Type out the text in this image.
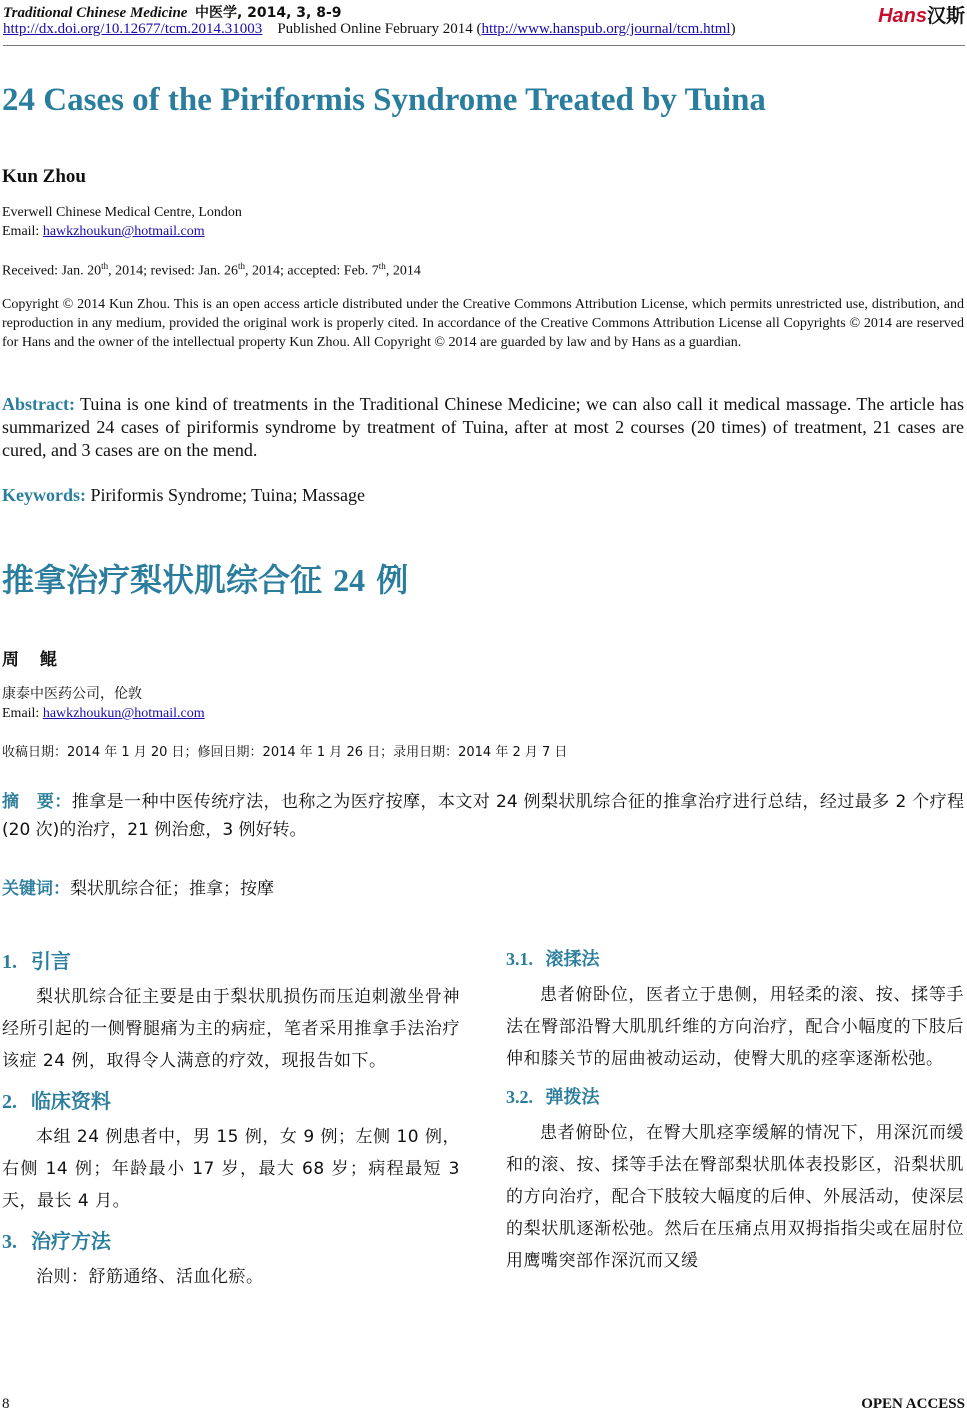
Traditional Chinese Medicine 中医学, 2014, 3, 8-9
http://dx.doi.org/10.12677/tcm.2014.31003 Published Online February 2014 (http://www.hanspub.org/journal/tcm.html)
Hans汉斯
24 Cases of the Piriformis Syndrome Treated by Tuina
Kun Zhou
Everwell Chinese Medical Centre, London
Email: hawkzhoukun@hotmail.com
Received: Jan. 20th, 2014; revised: Jan. 26th, 2014; accepted: Feb. 7th, 2014
Copyright © 2014 Kun Zhou. This is an open access article distributed under the Creative Commons Attribution License, which permits unrestricted use, distribution, and reproduction in any medium, provided the original work is properly cited. In accordance of the Creative Commons Attribution License all Copyrights © 2014 are reserved for Hans and the owner of the intellectual property Kun Zhou. All Copyright © 2014 are guarded by law and by Hans as a guardian.
Abstract: Tuina is one kind of treatments in the Traditional Chinese Medicine; we can also call it medical massage. The article has summarized 24 cases of piriformis syndrome by treatment of Tuina, after at most 2 courses (20 times) of treatment, 21 cases are cured, and 3 cases are on the mend.
Keywords: Piriformis Syndrome; Tuina; Massage
推拿治疗梨状肌综合征 24 例
周　鲲
康泰中医药公司，伦敦
Email: hawkzhoukun@hotmail.com
收稿日期：2014 年 1 月 20 日；修回日期：2014 年 1 月 26 日；录用日期：2014 年 2 月 7 日
摘　要：推拿是一种中医传统疗法，也称之为医疗按摩，本文对 24 例梨状肌综合征的推拿治疗进行总结，经过最多 2 个疗程(20 次)的治疗，21 例治愈，3 例好转。
关键词：梨状肌综合征；推拿；按摩
1. 引言
梨状肌综合征主要是由于梨状肌损伤而压迫刺激坐骨神经所引起的一侧臀腿痛为主的病症，笔者采用推拿手法治疗该症 24 例，取得令人满意的疗效，现报告如下。
2. 临床资料
本组 24 例患者中，男 15 例，女 9 例；左侧 10 例，右侧 14 例；年龄最小 17 岁，最大 68 岁；病程最短 3 天，最长 4 月。
3. 治疗方法
治则：舒筋通络、活血化瘀。
3.1. 滚揉法
患者俯卧位，医者立于患侧，用轻柔的滚、按、揉等手法在臀部沿臀大肌肌纤维的方向治疗，配合小幅度的下肢后伸和膝关节的屈曲被动运动，使臀大肌的痉挛逐渐松弛。
3.2. 弹拨法
患者俯卧位，在臀大肌痉挛缓解的情况下，用深沉而缓和的滚、按、揉等手法在臀部梨状肌体表投影区，沿梨状肌的方向治疗，配合下肢较大幅度的后伸、外展活动，使深层的梨状肌逐渐松弛。然后在压痛点用双拇指指尖或在屈肘位用鹰嘴突部作深沉而又缓
8	OPEN ACCESS
